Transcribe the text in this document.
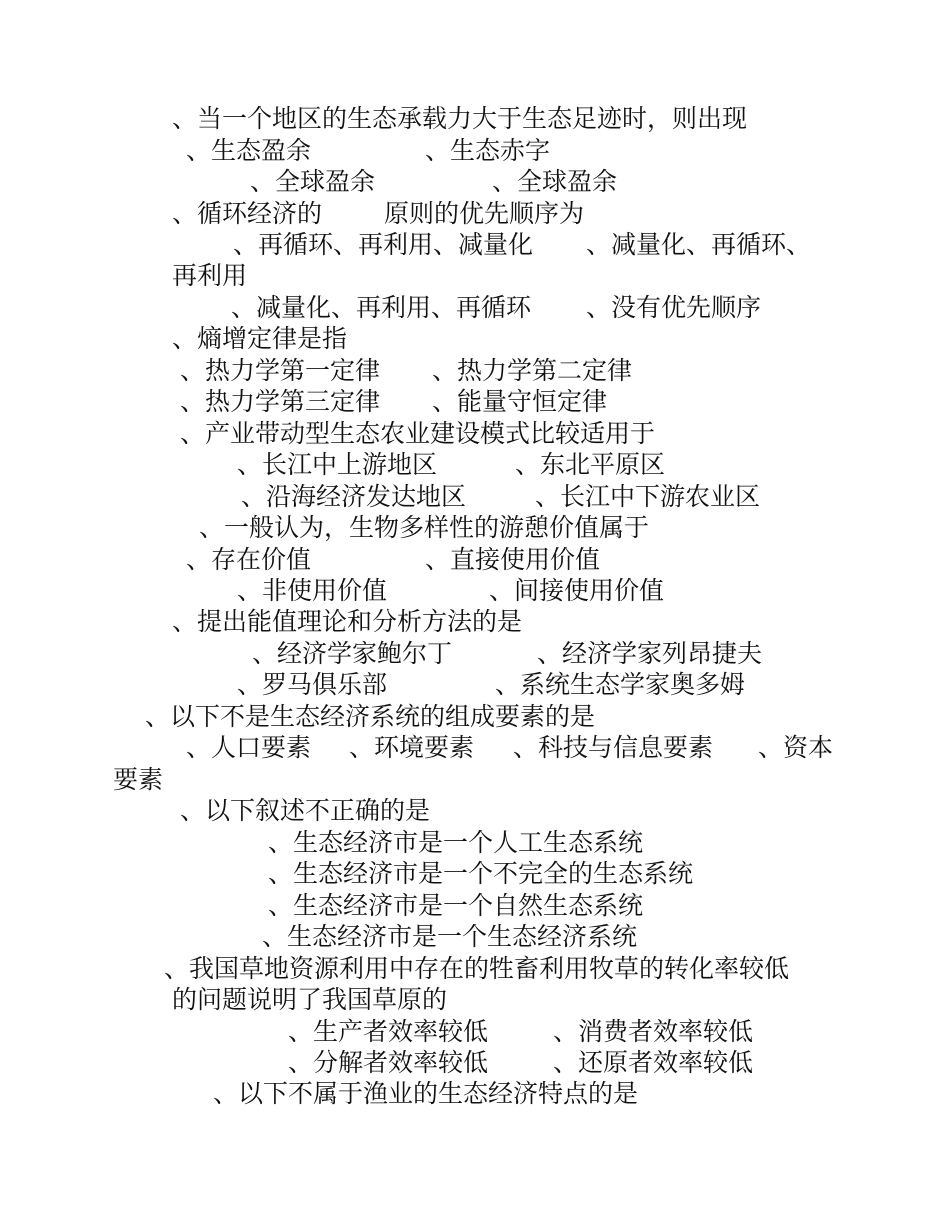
、当一个地区的生态承载力大于生态足迹时，则出现
、生态盈余	、生态赤字
、全球盈余	、全球盈余
、循环经济的 原则的优先顺序为
、再循环、再利用、减量化 、减量化、再循环、
再利用
、减量化、再利用、再循环 、没有优先顺序
、熵增定律是指
、热力学第一定律 、热力学第二定律
、热力学第三定律 、能量守恒定律
、产业带动型生态农业建设模式比较适用于
、长江中上游地区	、东北平原区
、沿海经济发达地区	、长江中下游农业区
、一般认为，生物多样性的游憩价值属于
、存在价值	、直接使用价值
、非使用价值	、间接使用价值
、提出能值理论和分析方法的是
、经济学家鲍尔丁	、经济学家列昂捷夫
、罗马俱乐部	、系统生态学家奥多姆
、以下不是生态经济系统的组成要素的是
、人口要素 、环境要素 、科技与信息要素 、资本
要素
、以下叙述不正确的是
、生态经济市是一个人工生态系统
、生态经济市是一个不完全的生态系统
、生态经济市是一个自然生态系统
、生态经济市是一个生态经济系统
、我国草地资源利用中存在的牲畜利用牧草的转化率较低
的问题说明了我国草原的
、生产者效率较低	、消费者效率较低
、分解者效率较低	、还原者效率较低
、以下不属于渔业的生态经济特点的是
